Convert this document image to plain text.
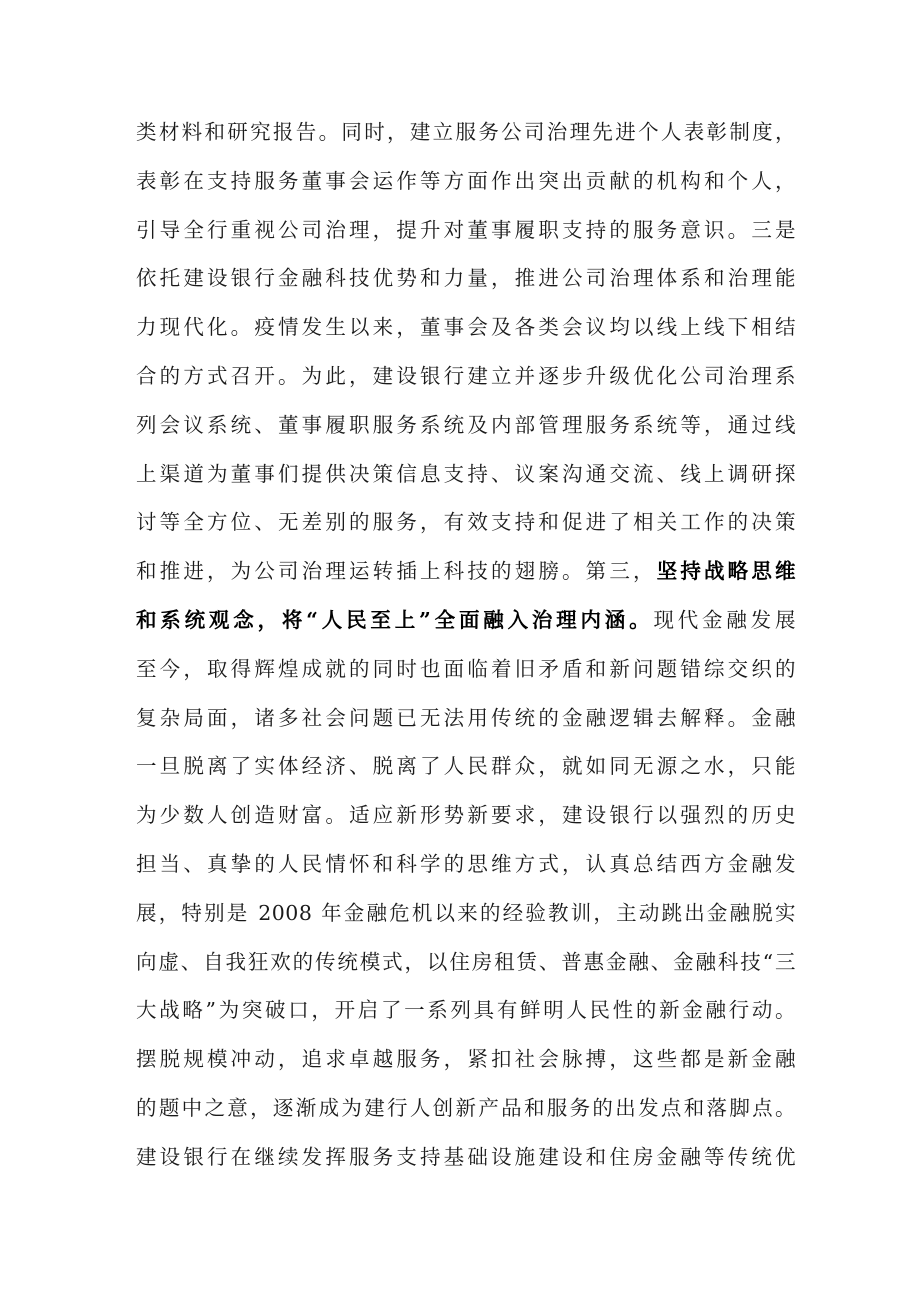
类材料和研究报告。同时，建立服务公司治理先进个人表彰制度，
表彰在支持服务董事会运作等方面作出突出贡献的机构和个人，
引导全行重视公司治理，提升对董事履职支持的服务意识。三是
依托建设银行金融科技优势和力量，推进公司治理体系和治理能
力现代化。疫情发生以来，董事会及各类会议均以线上线下相结
合的方式召开。为此，建设银行建立并逐步升级优化公司治理系
列会议系统、董事履职服务系统及内部管理服务系统等，通过线
上渠道为董事们提供决策信息支持、议案沟通交流、线上调研探
讨等全方位、无差别的服务，有效支持和促进了相关工作的决策
和推进，为公司治理运转插上科技的翅膀。第三，坚持战略思维
和系统观念，将“人民至上”全面融入治理内涵。现代金融发展
至今，取得辉煌成就的同时也面临着旧矛盾和新问题错综交织的
复杂局面，诸多社会问题已无法用传统的金融逻辑去解释。金融
一旦脱离了实体经济、脱离了人民群众，就如同无源之水，只能
为少数人创造财富。适应新形势新要求，建设银行以强烈的历史
担当、真挚的人民情怀和科学的思维方式，认真总结西方金融发
展，特别是 2008 年金融危机以来的经验教训，主动跳出金融脱实
向虚、自我狂欢的传统模式，以住房租赁、普惠金融、金融科技“三
大战略”为突破口，开启了一系列具有鲜明人民性的新金融行动。
摆脱规模冲动，追求卓越服务，紧扣社会脉搏，这些都是新金融
的题中之意，逐渐成为建行人创新产品和服务的出发点和落脚点。
建设银行在继续发挥服务支持基础设施建设和住房金融等传统优
